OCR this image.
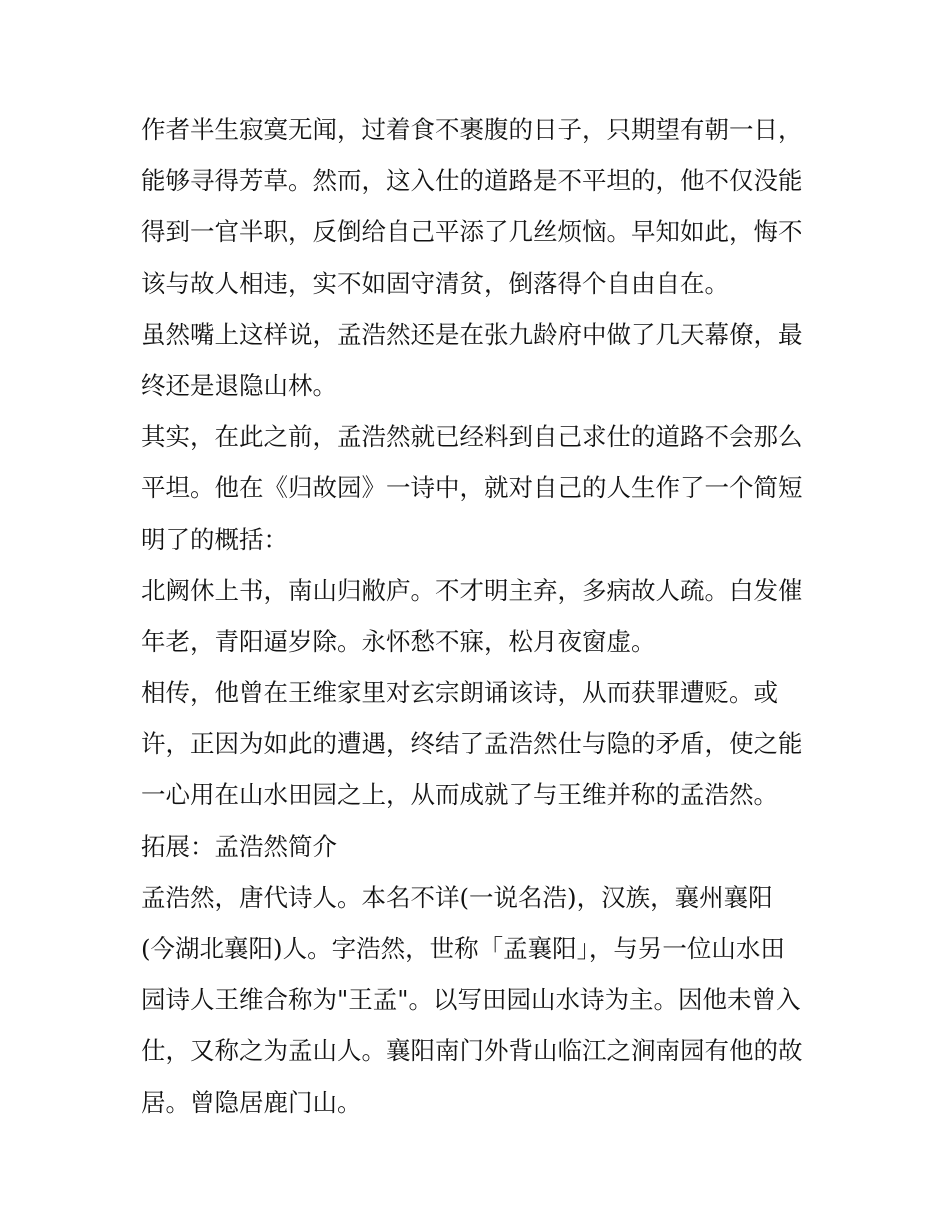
作者半生寂寞无闻，过着食不裹腹的日子，只期望有朝一日，
能够寻得芳草。然而，这入仕的道路是不平坦的，他不仅没能
得到一官半职，反倒给自己平添了几丝烦恼。早知如此，悔不
该与故人相违，实不如固守清贫，倒落得个自由自在。
虽然嘴上这样说，孟浩然还是在张九龄府中做了几天幕僚，最
终还是退隐山林。
其实，在此之前，孟浩然就已经料到自己求仕的道路不会那么
平坦。他在《归故园》一诗中，就对自己的人生作了一个简短
明了的概括：
北阙休上书，南山归敝庐。不才明主弃，多病故人疏。白发催
年老，青阳逼岁除。永怀愁不寐，松月夜窗虚。
相传，他曾在王维家里对玄宗朗诵该诗，从而获罪遭贬。或
许，正因为如此的遭遇，终结了孟浩然仕与隐的矛盾，使之能
一心用在山水田园之上，从而成就了与王维并称的孟浩然。
拓展：孟浩然简介
孟浩然，唐代诗人。本名不详(一说名浩)，汉族，襄州襄阳
(今湖北襄阳)人。字浩然，世称「孟襄阳」，与另一位山水田
园诗人王维合称为"王孟"。以写田园山水诗为主。因他未曾入
仕，又称之为孟山人。襄阳南门外背山临江之涧南园有他的故
居。曾隐居鹿门山。
